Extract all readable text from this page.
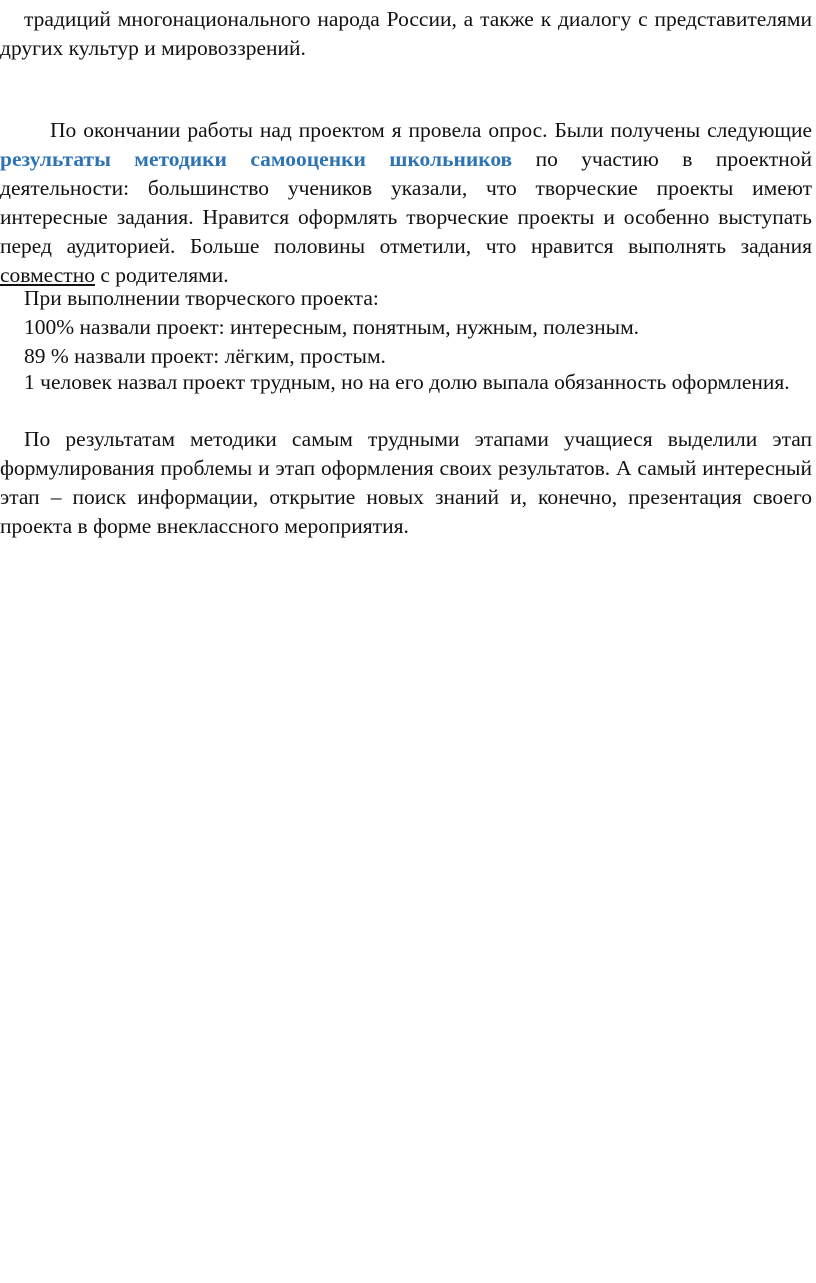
традиций многонационального народа России, а также к диалогу с представителями других культур и мировоззрений.

По окончании работы над проектом я провела опрос. Были получены следующие результаты методики самооценки школьников по участию в проектной деятельности: большинство учеников указали, что творческие проекты имеют интересные задания. Нравится оформлять творческие проекты и особенно выступать перед аудиторией. Больше половины отметили, что нравится выполнять задания совместно с родителями.

При выполнении творческого проекта:

100% назвали проект: интересным, понятным, нужным, полезным.

89 % назвали проект: лёгким, простым.

1 человек назвал проект трудным, но на его долю выпала обязанность оформления.

По результатам методики самым трудными этапами учащиеся выделили этап формулирования проблемы и этап оформления своих результатов. А самый интересный этап – поиск информации, открытие новых знаний и, конечно, презентация своего проекта в форме внеклассного мероприятия.
